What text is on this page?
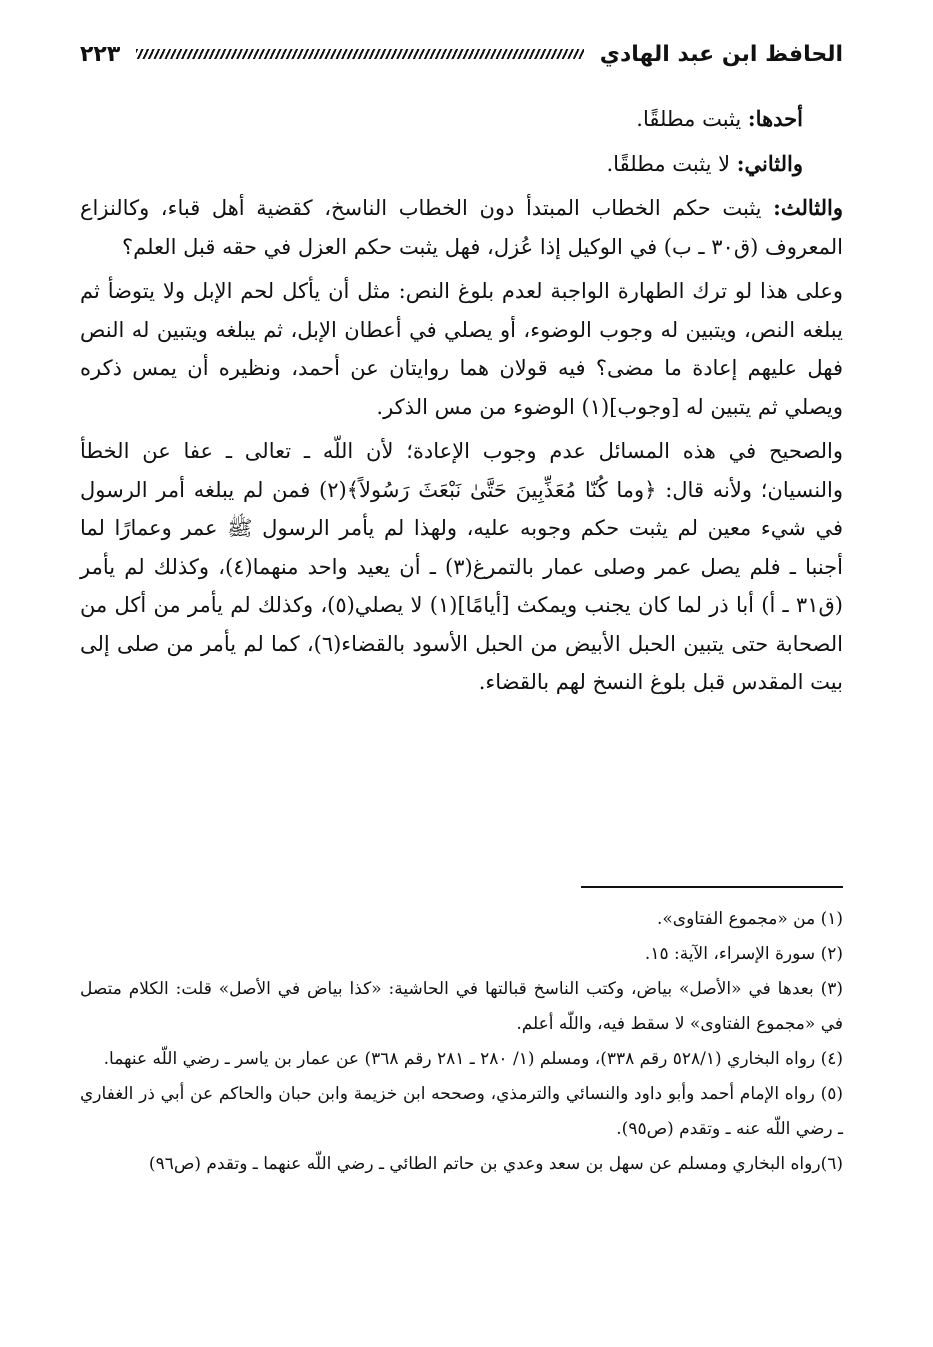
الحافظ ابن عبد الهادي
٢٢٣

أحدها: يثبت مطلقًا.

والثاني: لا يثبت مطلقًا.

والثالث: يثبت حكم الخطاب المبتدأ دون الخطاب الناسخ، كقضية أهل قباء، وكالنزاع المعروف (ق٣٠ ـ ب) في الوكيل إذا عُزل، فهل يثبت حكم العزل في حقه قبل العلم؟

وعلى هذا لو ترك الطهارة الواجبة لعدم بلوغ النص: مثل أن يأكل لحم الإبل ولا يتوضأ ثم يبلغه النص، ويتبين له وجوب الوضوء، أو يصلي في أعطان الإبل، ثم يبلغه ويتبين له النص فهل عليهم إعادة ما مضى؟ فيه قولان هما روايتان عن أحمد، ونظيره أن يمس ذكره ويصلي ثم يتبين له [وجوب](١) الوضوء من مس الذكر.

والصحيح في هذه المسائل عدم وجوب الإعادة؛ لأن اللّه ـ تعالى ـ عفا عن الخطأ والنسيان؛ ولأنه قال: ﴿وما كُنّا مُعَذِّبِينَ حَتَّىٰ نَبْعَثَ رَسُولاً﴾(٢) فمن لم يبلغه أمر الرسول في شيء معين لم يثبت حكم وجوبه عليه، ولهذا لم يأمر الرسول ﷺ عمر وعمارًا لما أجنبا ـ فلم يصل عمر وصلى عمار بالتمرغ(٣) ـ أن يعيد واحد منهما(٤)، وكذلك لم يأمر (ق٣١ ـ أ) أبا ذر لما كان يجنب ويمكث [أيامًا](١) لا يصلي(٥)، وكذلك لم يأمر من أكل من الصحابة حتى يتبين الحبل الأبيض من الحبل الأسود بالقضاء(٦)، كما لم يأمر من صلى إلى بيت المقدس قبل بلوغ النسخ لهم بالقضاء.

(١) من «مجموع الفتاوى».

(٢) سورة الإسراء، الآية: ١٥.

(٣) بعدها في «الأصل» بياض، وكتب الناسخ قبالتها في الحاشية: «كذا بياض في الأصل» قلت: الكلام متصل في «مجموع الفتاوى» لا سقط فيه، واللّه أعلم.

(٤) رواه البخاري (٥٢٨/١ رقم ٣٣٨)، ومسلم (١/ ٢٨٠ ـ ٢٨١ رقم ٣٦٨) عن عمار بن ياسر ـ رضي اللّه عنهما.

(٥) رواه الإمام أحمد وأبو داود والنسائي والترمذي، وصححه ابن خزيمة وابن حبان والحاكم عن أبي ذر الغفاري ـ رضي اللّه عنه ـ وتقدم (ص٩٥).

(٦)رواه البخاري ومسلم عن سهل بن سعد وعدي بن حاتم الطائي ـ رضي اللّه عنهما ـ وتقدم (ص٩٦)
